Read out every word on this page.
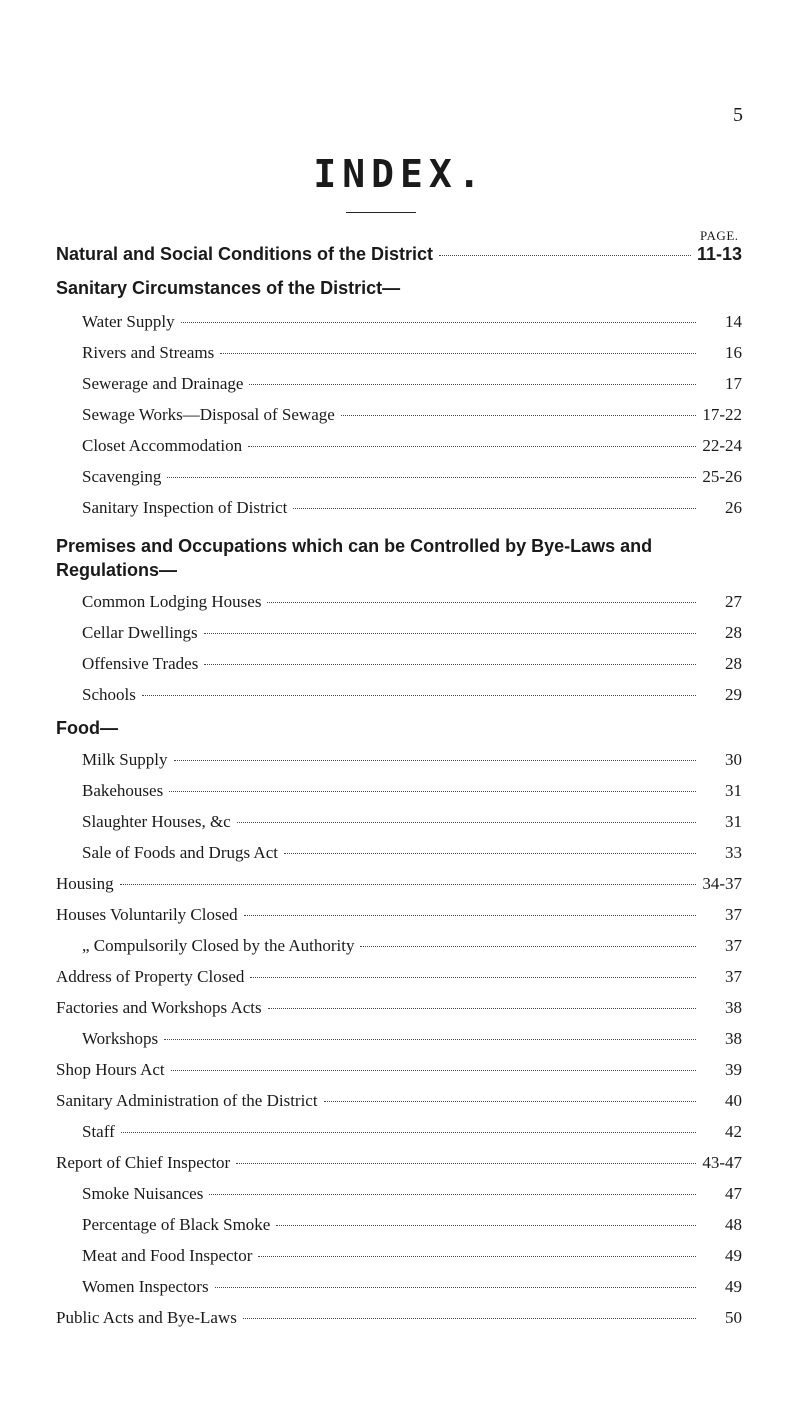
5
INDEX.
PAGE.
Natural and Social Conditions of the District	11-13
Sanitary Circumstances of the District—
Water Supply	14
Rivers and Streams	16
Sewerage and Drainage	17
Sewage Works—Disposal of Sewage	17-22
Closet Accommodation	22-24
Scavenging	25-26
Sanitary Inspection of District	26
Premises and Occupations which can be Controlled by Bye-Laws and Regulations—
Common Lodging Houses	27
Cellar Dwellings	28
Offensive Trades	28
Schools	29
Food—
Milk Supply	30
Bakehouses	31
Slaughter Houses, &c	31
Sale of Foods and Drugs Act	33
Housing	34-37
Houses Voluntarily Closed	37
„ Compulsorily Closed by the Authority	37
Address of Property Closed	37
Factories and Workshops Acts	38
Workshops	38
Shop Hours Act	39
Sanitary Administration of the District	40
Staff	42
Report of Chief Inspector	43-47
Smoke Nuisances	47
Percentage of Black Smoke	48
Meat and Food Inspector	49
Women Inspectors	49
Public Acts and Bye-Laws	50
